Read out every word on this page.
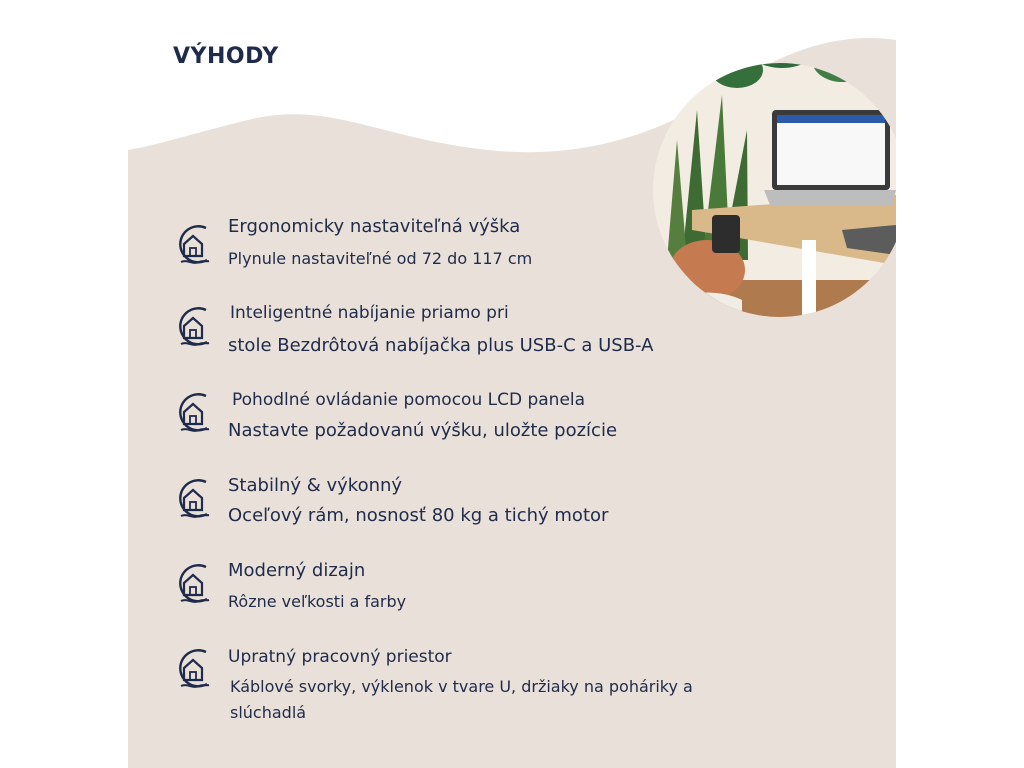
VÝHODY
Ergonomicky nastaviteľná výška
Plynule nastaviteľné od 72 do 117 cm
Inteligentné nabíjanie priamo pri
stole Bezdrôtová nabíjačka plus USB-C a USB-A
Pohodlné ovládanie pomocou LCD panela
Nastavte požadovanú výšku, uložte pozície
Stabilný & výkonný
Oceľový rám, nosnosť 80 kg a tichý motor
Moderný dizajn
Rôzne veľkosti a farby
Upratný pracovný priestor
Káblové svorky, výklenok v tvare U, držiaky na poháriky a slúchadlá
